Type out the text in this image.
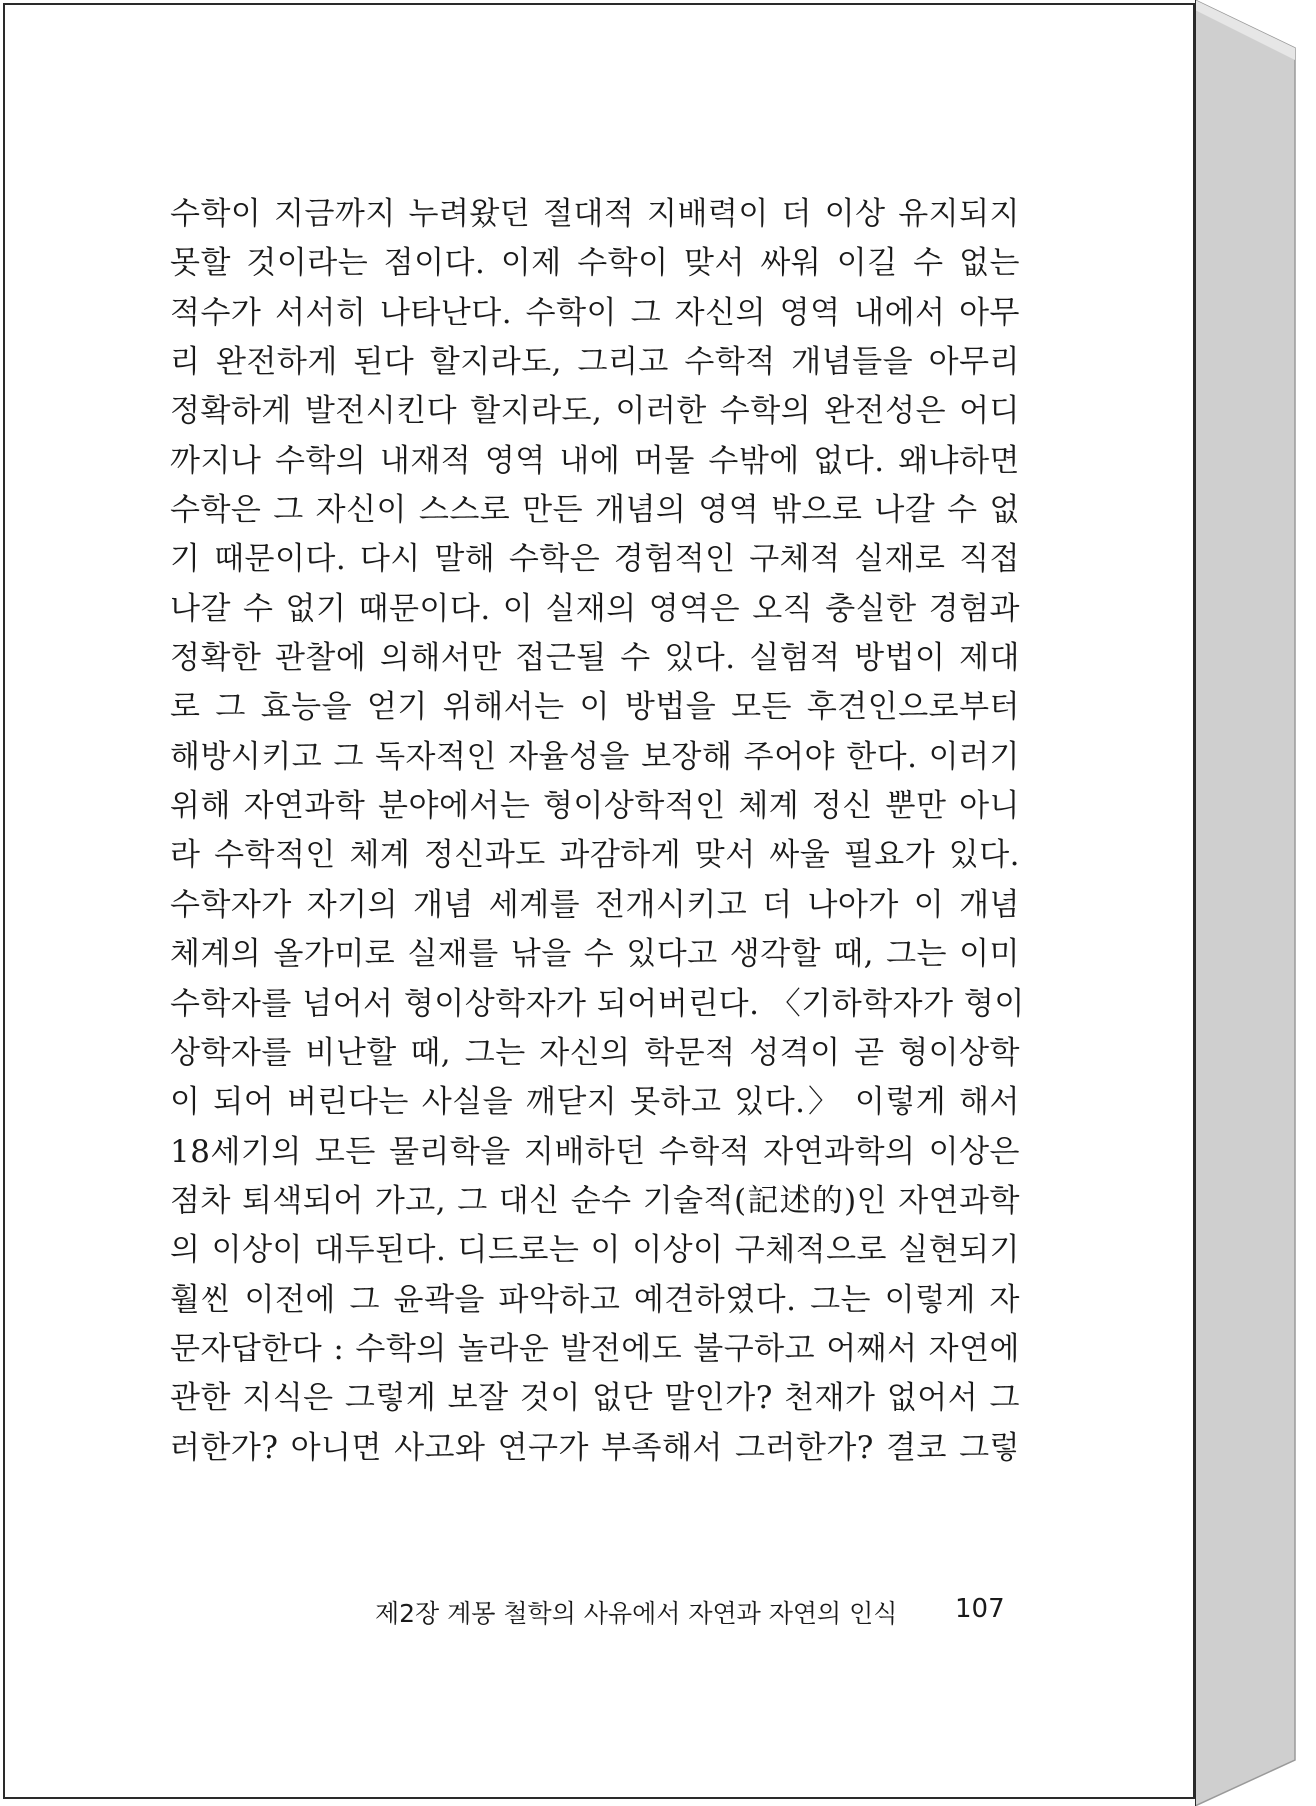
수학이 지금까지 누려왔던 절대적 지배력이 더 이상 유지되지
못할 것이라는 점이다. 이제 수학이 맞서 싸워 이길 수 없는
적수가 서서히 나타난다. 수학이 그 자신의 영역 내에서 아무
리 완전하게 된다 할지라도, 그리고 수학적 개념들을 아무리
정확하게 발전시킨다 할지라도, 이러한 수학의 완전성은 어디
까지나 수학의 내재적 영역 내에 머물 수밖에 없다. 왜냐하면
수학은 그 자신이 스스로 만든 개념의 영역 밖으로 나갈 수 없
기 때문이다. 다시 말해 수학은 경험적인 구체적 실재로 직접
나갈 수 없기 때문이다. 이 실재의 영역은 오직 충실한 경험과
정확한 관찰에 의해서만 접근될 수 있다. 실험적 방법이 제대
로 그 효능을 얻기 위해서는 이 방법을 모든 후견인으로부터
해방시키고 그 독자적인 자율성을 보장해 주어야 한다. 이러기
위해 자연과학 분야에서는 형이상학적인 체계 정신 뿐만 아니
라 수학적인 체계 정신과도 과감하게 맞서 싸울 필요가 있다.
수학자가 자기의 개념 세계를 전개시키고 더 나아가 이 개념
체계의 올가미로 실재를 낚을 수 있다고 생각할 때, 그는 이미
수학자를 넘어서 형이상학자가 되어버린다. 〈기하학자가 형이
상학자를 비난할 때, 그는 자신의 학문적 성격이 곧 형이상학
이 되어 버린다는 사실을 깨닫지 못하고 있다.〉 이렇게 해서
18세기의 모든 물리학을 지배하던 수학적 자연과학의 이상은
점차 퇴색되어 가고, 그 대신 순수 기술적(記述的)인 자연과학
의 이상이 대두된다. 디드로는 이 이상이 구체적으로 실현되기
훨씬 이전에 그 윤곽을 파악하고 예견하였다. 그는 이렇게 자
문자답한다 : 수학의 놀라운 발전에도 불구하고 어째서 자연에
관한 지식은 그렇게 보잘 것이 없단 말인가? 천재가 없어서 그
러한가? 아니면 사고와 연구가 부족해서 그러한가? 결코 그렇
제2장 계몽 철학의 사유에서 자연과 자연의 인식 107
